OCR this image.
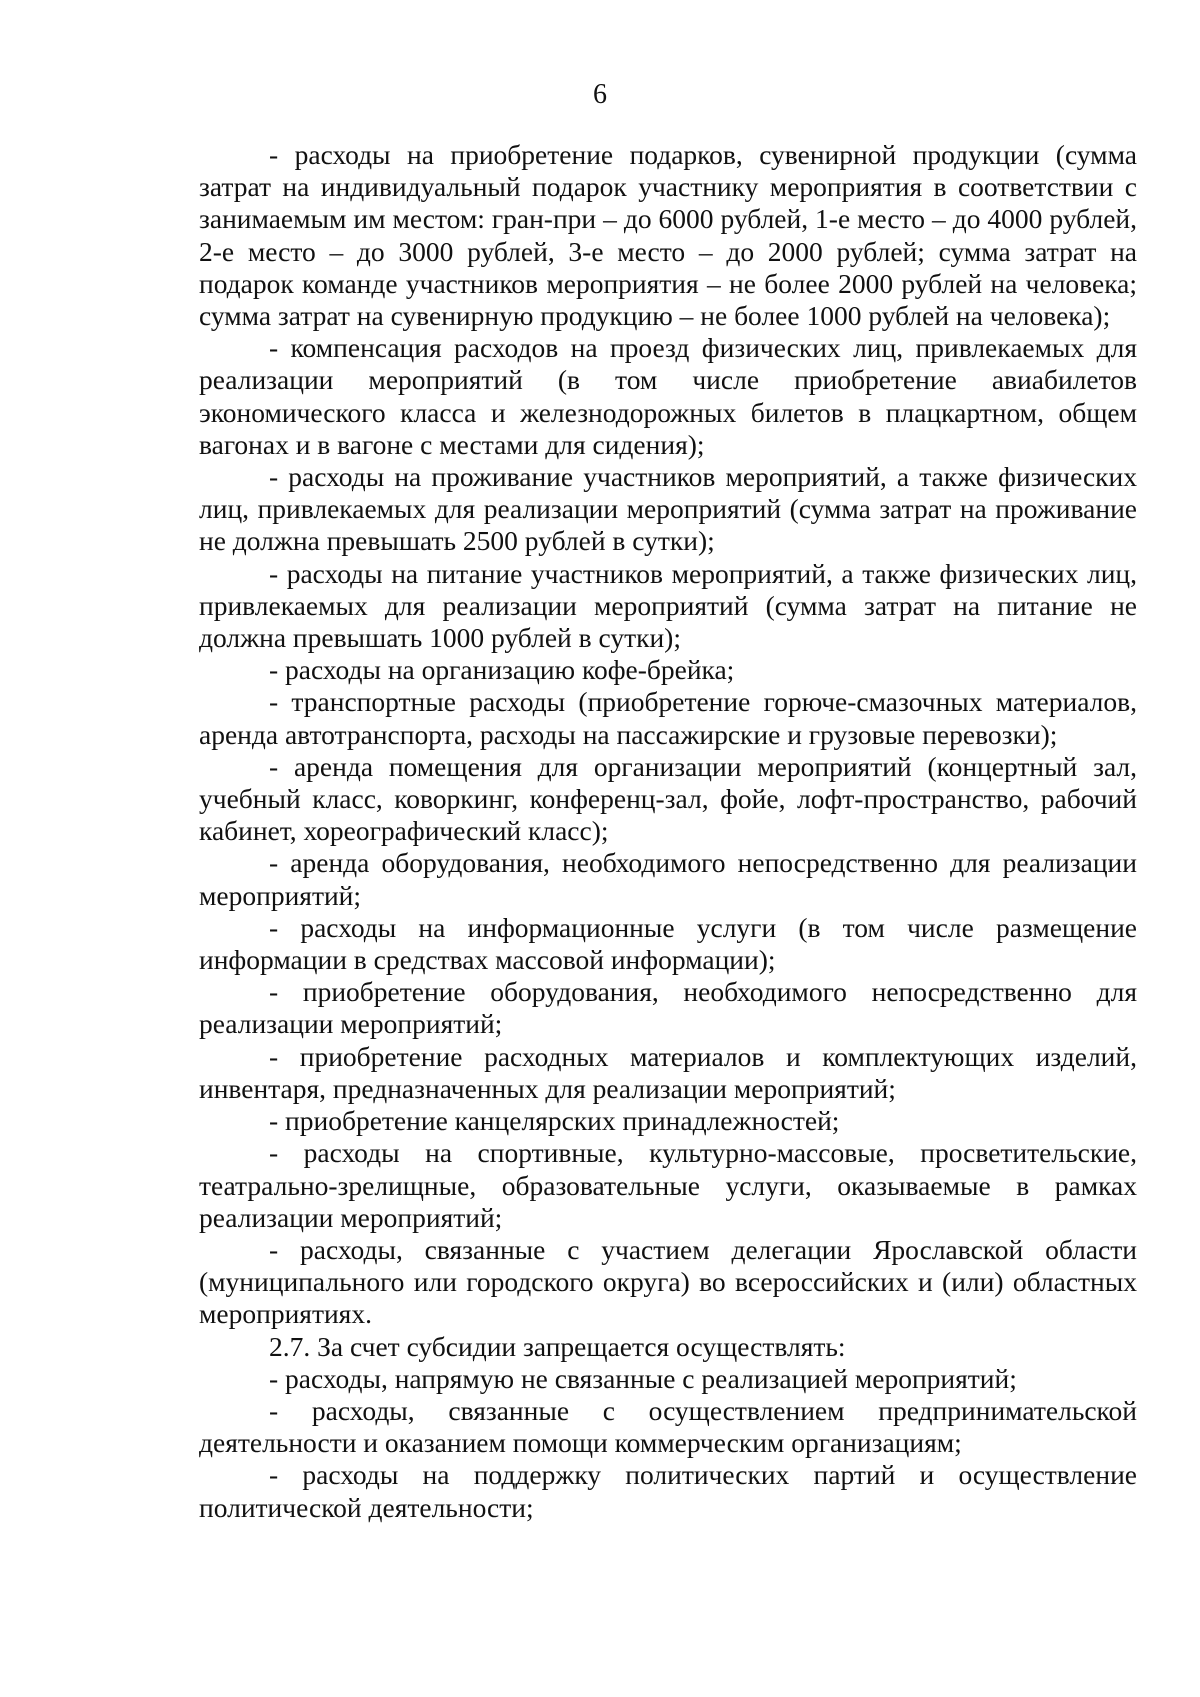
6

- расходы на приобретение подарков, сувенирной продукции (сумма затрат на индивидуальный подарок участнику мероприятия в соответствии с занимаемым им местом: гран-при – до 6000 рублей, 1-е место – до 4000 рублей, 2-е место – до 3000 рублей, 3-е место – до 2000 рублей; сумма затрат на подарок команде участников мероприятия – не более 2000 рублей на человека; сумма затрат на сувенирную продукцию – не более 1000 рублей на человека);

- компенсация расходов на проезд физических лиц, привлекаемых для реализации мероприятий (в том числе приобретение авиабилетов экономического класса и железнодорожных билетов в плацкартном, общем вагонах и в вагоне с местами для сидения);

- расходы на проживание участников мероприятий, а также физических лиц, привлекаемых для реализации мероприятий (сумма затрат на проживание не должна превышать 2500 рублей в сутки);

- расходы на питание участников мероприятий, а также физических лиц, привлекаемых для реализации мероприятий (сумма затрат на питание не должна превышать 1000 рублей в сутки);

- расходы на организацию кофе-брейка;

- транспортные расходы (приобретение горюче-смазочных материалов, аренда автотранспорта, расходы на пассажирские и грузовые перевозки);

- аренда помещения для организации мероприятий (концертный зал, учебный класс, коворкинг, конференц-зал, фойе, лофт-пространство, рабочий кабинет, хореографический класс);

- аренда оборудования, необходимого непосредственно для реализации мероприятий;

- расходы на информационные услуги (в том числе размещение информации в средствах массовой информации);

- приобретение оборудования, необходимого непосредственно для реализации мероприятий;

- приобретение расходных материалов и комплектующих изделий, инвентаря, предназначенных для реализации мероприятий;

- приобретение канцелярских принадлежностей;

- расходы на спортивные, культурно-массовые, просветительские, театрально-зрелищные, образовательные услуги, оказываемые в рамках реализации мероприятий;

- расходы, связанные с участием делегации Ярославской области (муниципального или городского округа) во всероссийских и (или) областных мероприятиях.

2.7. За счет субсидии запрещается осуществлять:

- расходы, напрямую не связанные с реализацией мероприятий;

- расходы, связанные с осуществлением предпринимательской деятельности и оказанием помощи коммерческим организациям;

- расходы на поддержку политических партий и осуществление политической деятельности;
